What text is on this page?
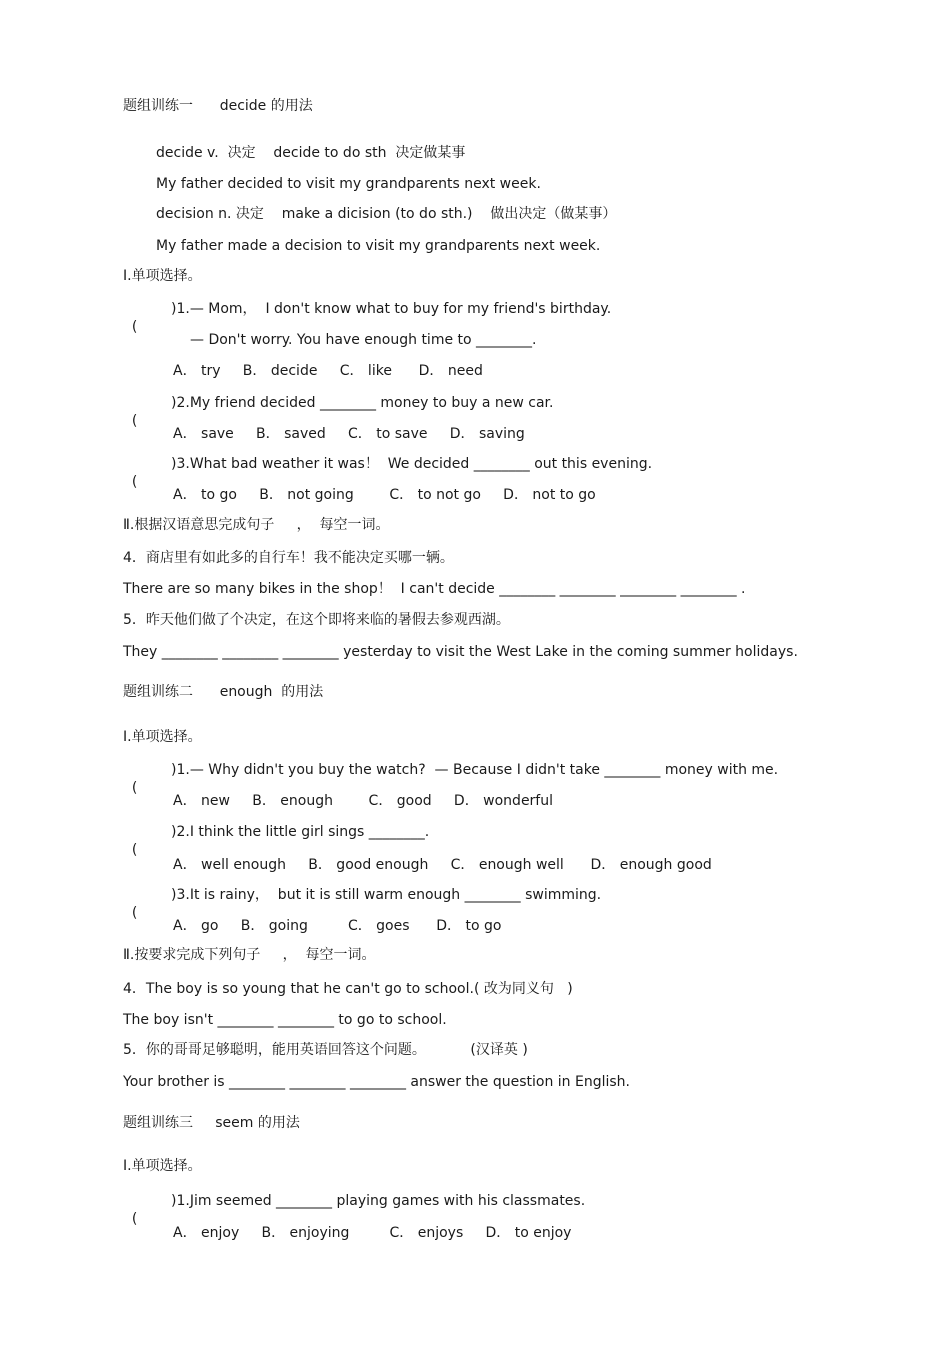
题组训练一      decide 的用法
decide v.  决定    decide to do sth  决定做某事
My father decided to visit my grandparents next week.
decision n. 决定    make a dicision (to do sth.)    做出决定（做某事）
My father made a decision to visit my grandparents next week.
Ⅰ.单项选择。

(

)1.— Mom，  I don't know what to buy for my friend's birthday.

— Don't worry. You have enough time to ________.
A． try     B． decide     C． like      D． need

(

)2.My friend decided ________ money to buy a new car.

A． save     B． saved     C． to save     D． saving

(

)3.What bad weather it was！  We decided ________ out this evening.

A． to go     B． not going        C． to not go     D． not to go
Ⅱ.根据汉语意思完成句子     ，  每空一词。
4．商店里有如此多的自行车！我不能决定买哪一辆。
There are so many bikes in the shop！  I can't decide ________ ________ ________ ________ .
5．昨天他们做了个决定，在这个即将来临的暑假去参观西湖。
They ________ ________ ________ yesterday to visit the West Lake in the coming summer holidays.
题组训练二      enough  的用法
Ⅰ.单项选择。

(

)1.— Why didn't you buy the watch?  — Because I didn't take ________ money with me.

A． new     B． enough        C． good     D． wonderful

(

)2.I think the little girl sings ________.

A． well enough     B． good enough     C． enough well      D． enough good

(

)3.It is rainy，  but it is still warm enough ________ swimming.

A． go     B． going         C． goes      D． to go
Ⅱ.按要求完成下列句子     ，  每空一词。
4．The boy is so young that he can't go to school.( 改为同义句   )
The boy isn't ________ ________ to go to school.
5．你的哥哥足够聪明，能用英语回答这个问题。          (汉译英 )
Your brother is ________ ________ ________ answer the question in English.
题组训练三     seem 的用法
Ⅰ.单项选择。

(

)1.Jim seemed ________ playing games with his classmates.

A． enjoy     B． enjoying         C． enjoys     D． to enjoy
